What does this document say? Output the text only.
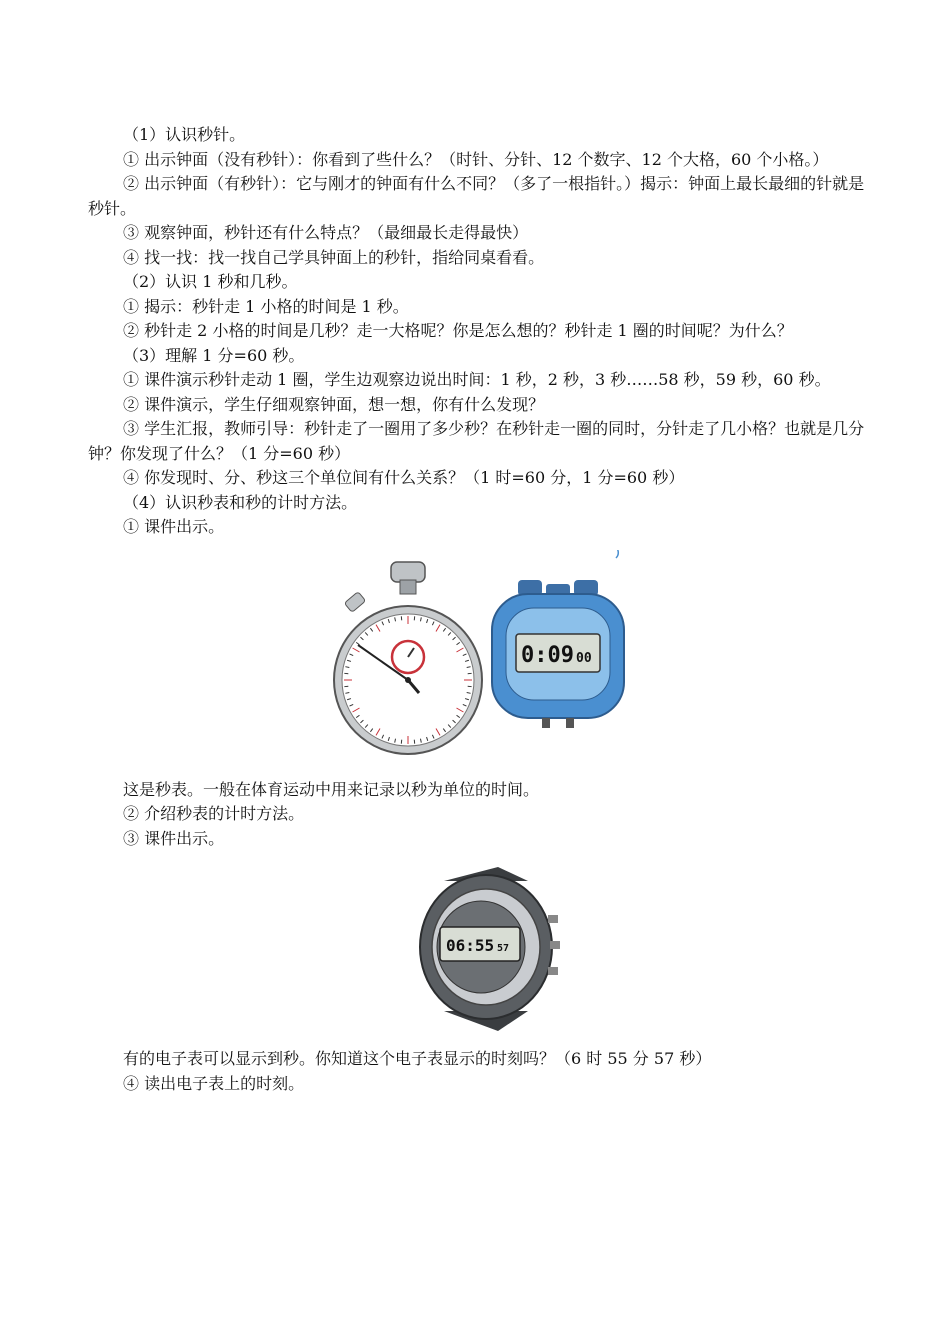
（1）认识秒针。

① 出示钟面（没有秒针）：你看到了些什么？（时针、分针、12 个数字、12 个大格，60 个小格。）

② 出示钟面（有秒针）：它与刚才的钟面有什么不同？（多了一根指针。）揭示：钟面上最长最细的针就是秒针。

③ 观察钟面，秒针还有什么特点？（最细最长走得最快）

④ 找一找：找一找自己学具钟面上的秒针，指给同桌看看。

（2）认识 1 秒和几秒。

① 揭示：秒针走 1 小格的时间是 1 秒。

② 秒针走 2 小格的时间是几秒？走一大格呢？你是怎么想的？秒针走 1 圈的时间呢？为什么？

（3）理解 1 分=60 秒。

① 课件演示秒针走动 1 圈，学生边观察边说出时间：1 秒，2 秒，3 秒……58 秒，59 秒，60 秒。

② 课件演示，学生仔细观察钟面，想一想，你有什么发现？

③ 学生汇报，教师引导：秒针走了一圈用了多少秒？在秒针走一圈的同时，分针走了几小格？也就是几分钟？你发现了什么？（1 分=60 秒）

④ 你发现时、分、秒这三个单位间有什么关系？（1 时=60 分，1 分=60 秒）

（4）认识秒表和秒的计时方法。

① 课件出示。

0:09 00

这是秒表。一般在体育运动中用来记录以秒为单位的时间。

② 介绍秒表的计时方法。

③ 课件出示。

06:55 57

有的电子表可以显示到秒。你知道这个电子表显示的时刻吗？（6 时 55 分 57 秒）

④ 读出电子表上的时刻。
